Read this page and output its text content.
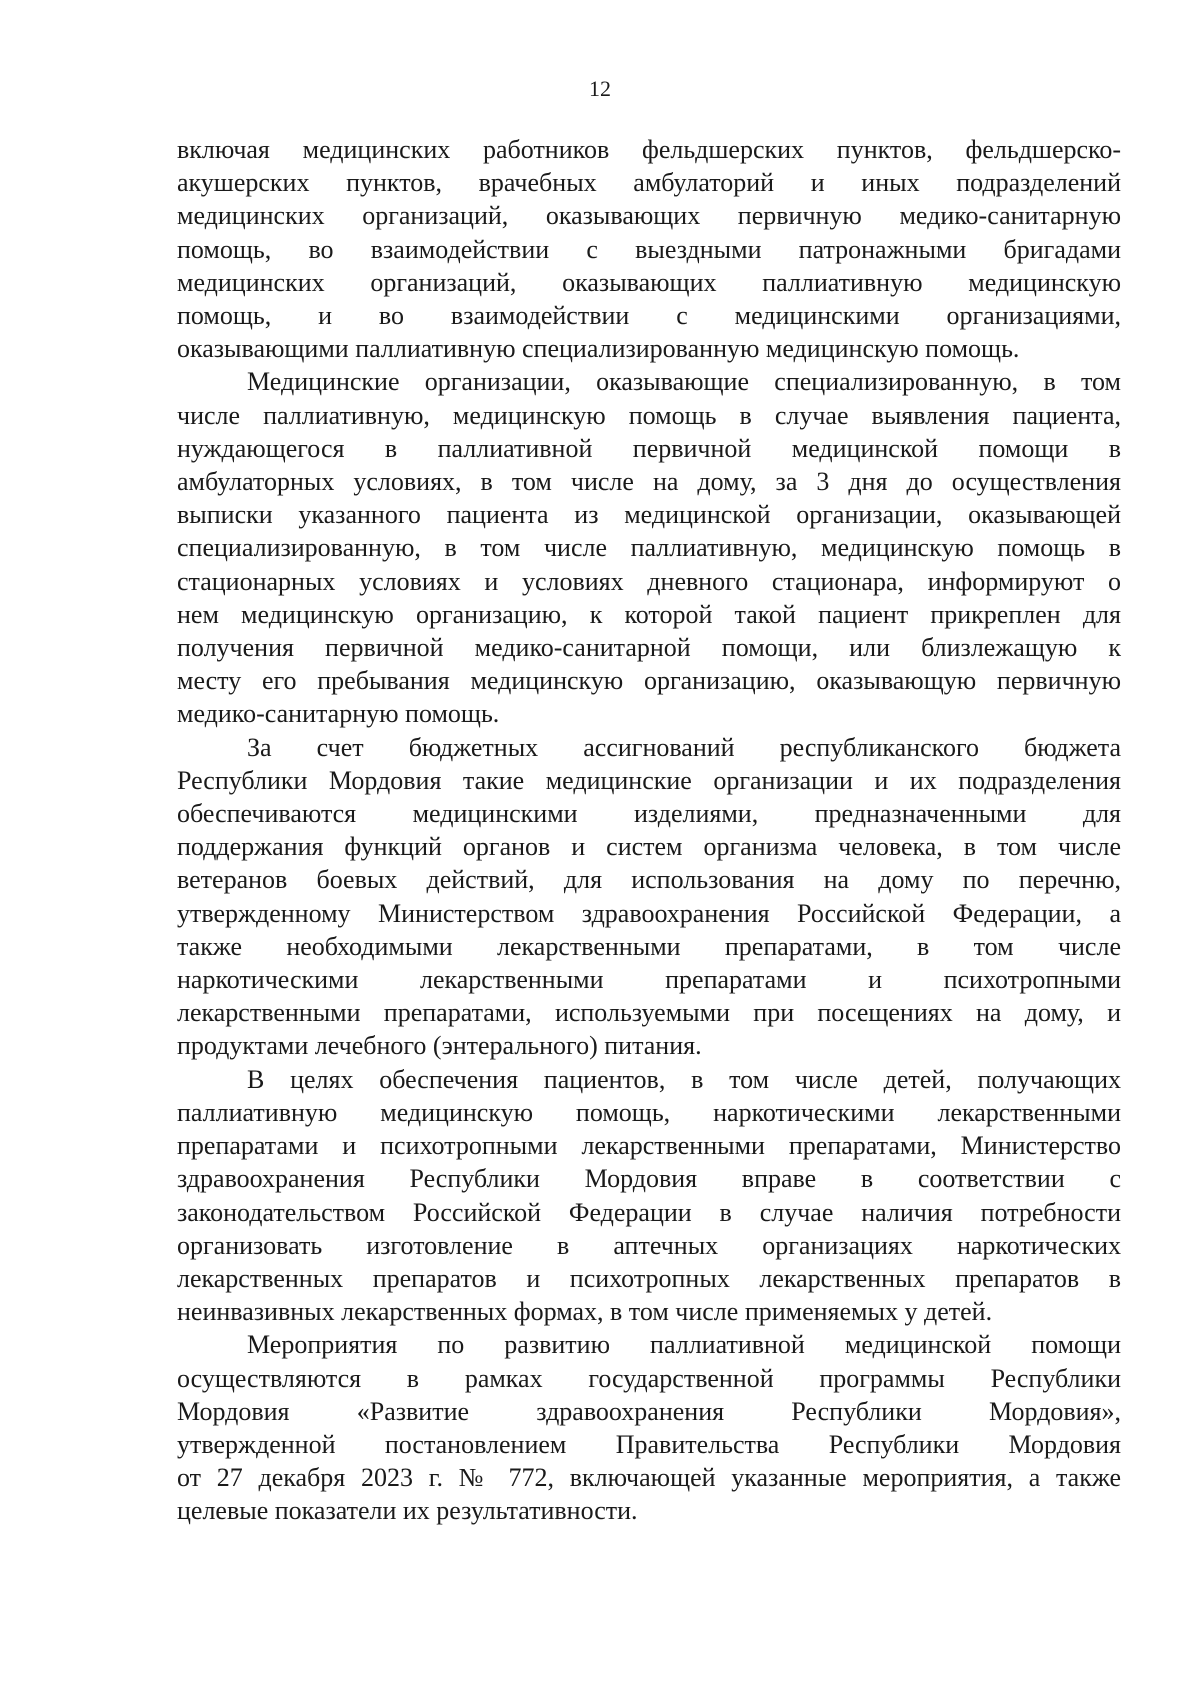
12

включая медицинских работников фельдшерских пунктов, фельдшерско-
акушерских пунктов, врачебных амбулаторий и иных подразделений
медицинских организаций, оказывающих первичную медико-санитарную
помощь, во взаимодействии с выездными патронажными бригадами
медицинских организаций, оказывающих паллиативную медицинскую
помощь, и во взаимодействии с медицинскими организациями,
оказывающими паллиативную специализированную медицинскую помощь.

Медицинские организации, оказывающие специализированную, в том
числе паллиативную, медицинскую помощь в случае выявления пациента,
нуждающегося в паллиативной первичной медицинской помощи в
амбулаторных условиях, в том числе на дому, за 3 дня до осуществления
выписки указанного пациента из медицинской организации, оказывающей
специализированную, в том числе паллиативную, медицинскую помощь в
стационарных условиях и условиях дневного стационара, информируют о
нем медицинскую организацию, к которой такой пациент прикреплен для
получения первичной медико-санитарной помощи, или близлежащую к
месту его пребывания медицинскую организацию, оказывающую первичную
медико-санитарную помощь.

За счет бюджетных ассигнований республиканского бюджета
Республики Мордовия такие медицинские организации и их подразделения
обеспечиваются медицинскими изделиями, предназначенными для
поддержания функций органов и систем организма человека, в том числе
ветеранов боевых действий, для использования на дому по перечню,
утвержденному Министерством здравоохранения Российской Федерации, а
также необходимыми лекарственными препаратами, в том числе
наркотическими лекарственными препаратами и психотропными
лекарственными препаратами, используемыми при посещениях на дому, и
продуктами лечебного (энтерального) питания.

В целях обеспечения пациентов, в том числе детей, получающих
паллиативную медицинскую помощь, наркотическими лекарственными
препаратами и психотропными лекарственными препаратами, Министерство
здравоохранения Республики Мордовия вправе в соответствии с
законодательством Российской Федерации в случае наличия потребности
организовать изготовление в аптечных организациях наркотических
лекарственных препаратов и психотропных лекарственных препаратов в
неинвазивных лекарственных формах, в том числе применяемых у детей.

Мероприятия по развитию паллиативной медицинской помощи
осуществляются в рамках государственной программы Республики
Мордовия «Развитие здравоохранения Республики Мордовия»,
утвержденной постановлением Правительства Республики Мордовия
от 27 декабря 2023 г. № 772, включающей указанные мероприятия, а также
целевые показатели их результативности.
